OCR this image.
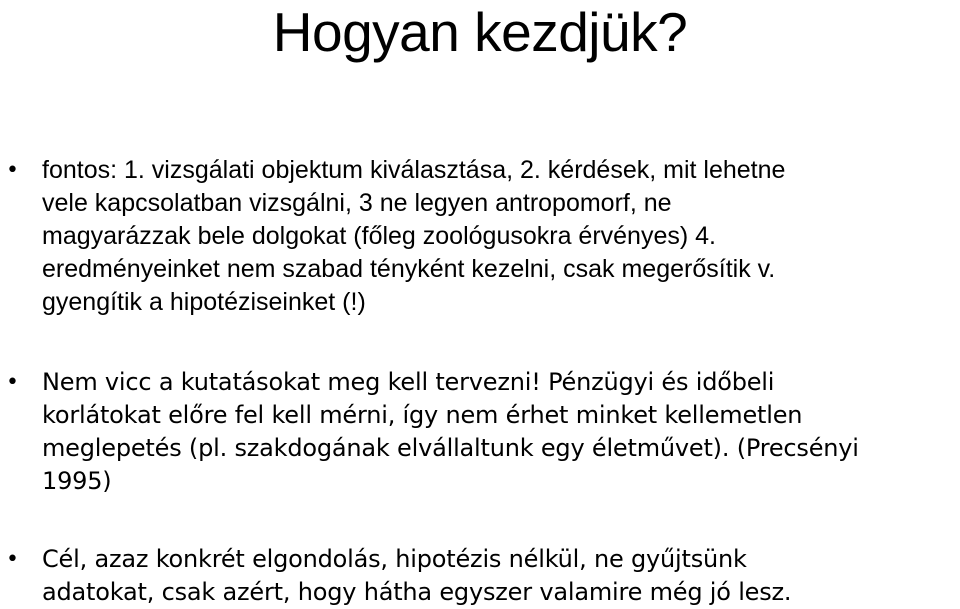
Hogyan kezdjük?
• fontos: 1. vizsgálati objektum kiválasztása, 2. kérdések, mit lehetne
vele kapcsolatban vizsgálni, 3 ne legyen antropomorf, ne
magyarázzak bele dolgokat (főleg zoológusokra érvényes) 4.
eredményeinket nem szabad tényként kezelni, csak megerősítik v.
gyengítik a hipotéziseinket (!)
• Nem vicc a kutatásokat meg kell tervezni! Pénzügyi és időbeli
korlátokat előre fel kell mérni, így nem érhet minket kellemetlen
meglepetés (pl. szakdogának elvállaltunk egy életművet). (Precsényi
1995)
• Cél, azaz konkrét elgondolás, hipotézis nélkül, ne gyűjtsünk
adatokat, csak azért, hogy hátha egyszer valamire még jó lesz.
